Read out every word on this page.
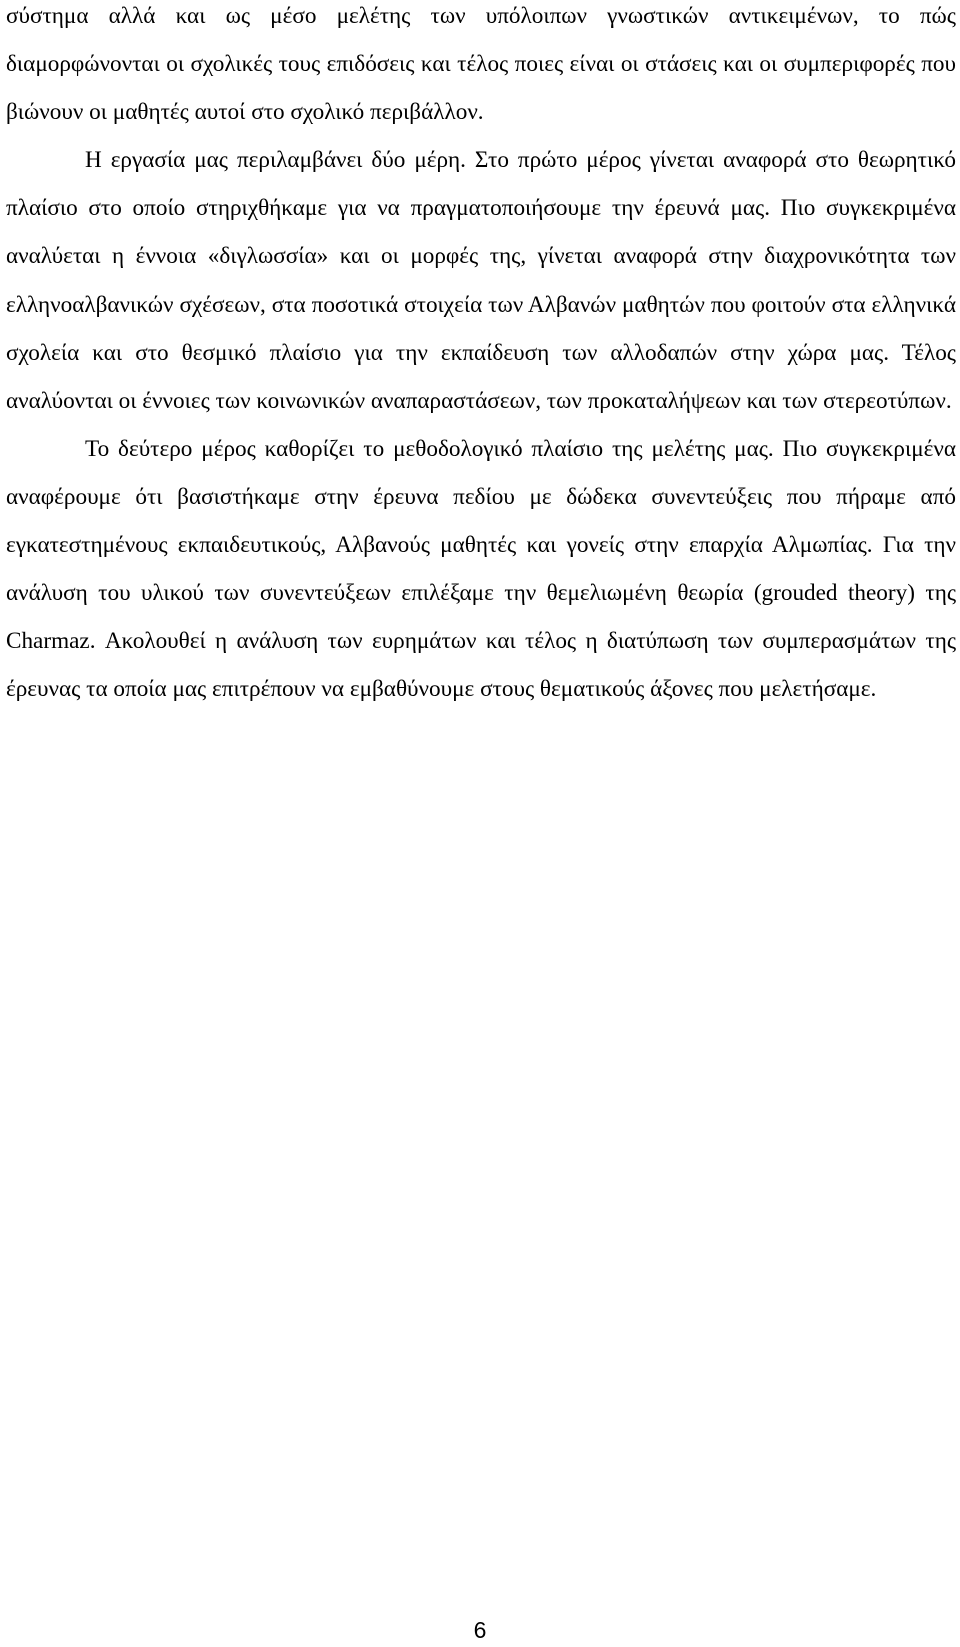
σύστημα αλλά και ως μέσο μελέτης των υπόλοιπων γνωστικών αντικειμένων, το πώς διαμορφώνονται οι σχολικές τους επιδόσεις και τέλος ποιες είναι οι στάσεις και οι συμπεριφορές που βιώνουν οι μαθητές αυτοί στο σχολικό περιβάλλον.

Η εργασία μας περιλαμβάνει δύο μέρη. Στο πρώτο μέρος γίνεται αναφορά στο θεωρητικό πλαίσιο στο οποίο στηριχθήκαμε για να πραγματοποιήσουμε την έρευνά μας. Πιο συγκεκριμένα αναλύεται η έννοια «διγλωσσία» και οι μορφές της, γίνεται αναφορά στην διαχρονικότητα των ελληνοαλβανικών σχέσεων, στα ποσοτικά στοιχεία των Αλβανών μαθητών που φοιτούν στα ελληνικά σχολεία και στο θεσμικό πλαίσιο για την εκπαίδευση των αλλοδαπών στην χώρα μας. Τέλος αναλύονται οι έννοιες των κοινωνικών αναπαραστάσεων, των προκαταλήψεων και των στερεοτύπων.

Το δεύτερο μέρος καθορίζει το μεθοδολογικό πλαίσιο της μελέτης μας. Πιο συγκεκριμένα αναφέρουμε ότι βασιστήκαμε στην έρευνα πεδίου με δώδεκα συνεντεύξεις που πήραμε από εγκατεστημένους εκπαιδευτικούς, Αλβανούς μαθητές και γονείς στην επαρχία Αλμωπίας. Για την ανάλυση του υλικού των συνεντεύξεων επιλέξαμε την θεμελιωμένη θεωρία (grouded theory) της Charmaz. Ακολουθεί η ανάλυση των ευρημάτων και τέλος η διατύπωση των συμπερασμάτων της έρευνας τα οποία μας επιτρέπουν να εμβαθύνουμε στους θεματικούς άξονες που μελετήσαμε.

6
